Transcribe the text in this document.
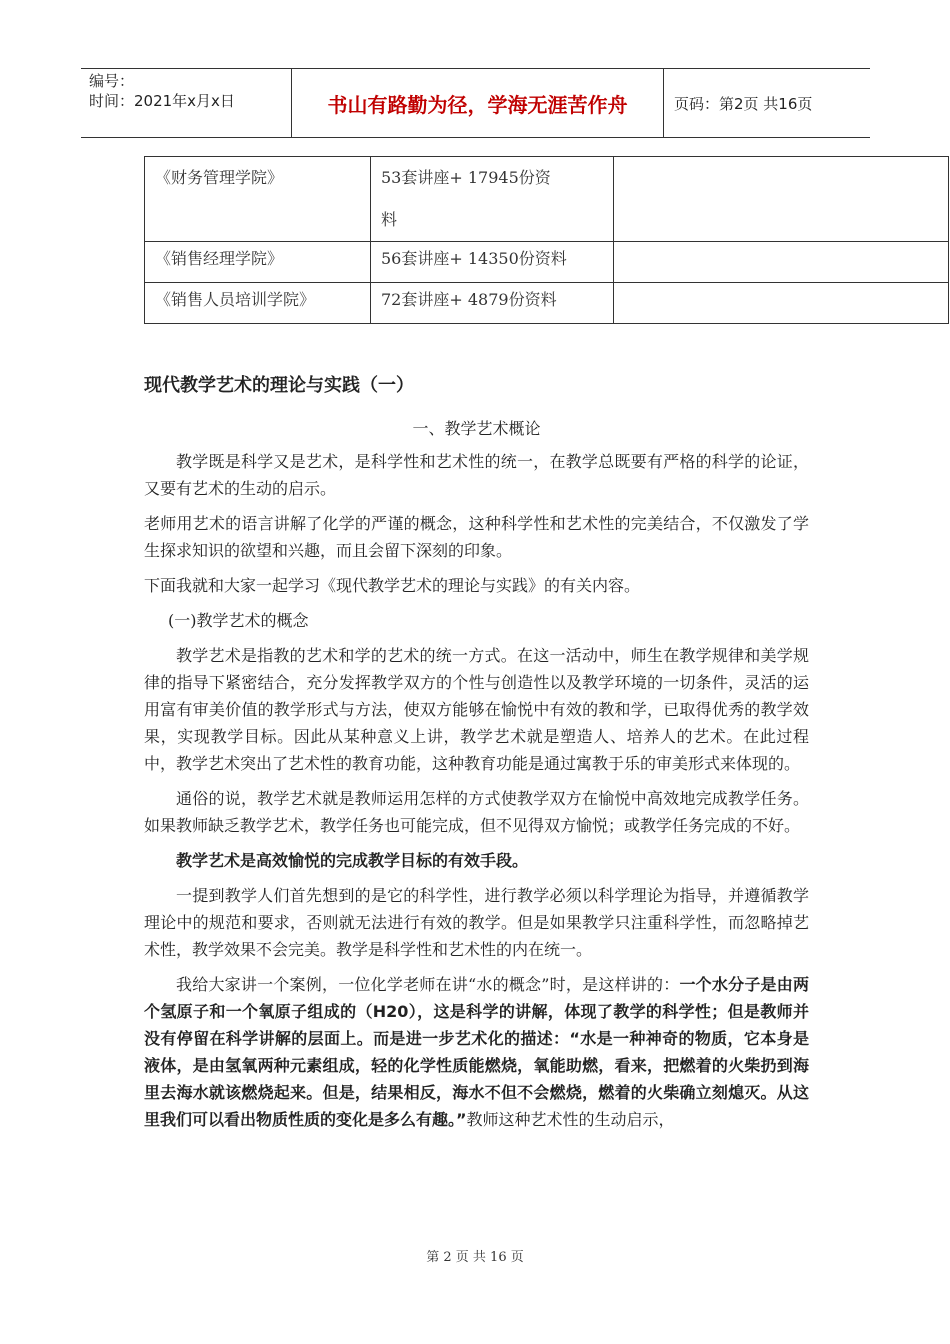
编号：
时间：2021年x月x日	书山有路勤为径，学海无涯苦作舟	页码：第2页 共16页
《财务管理学院》	53套讲座+ 17945份资
料	

《销售经理学院》	56套讲座+ 14350份资料	
《销售人员培训学院》	72套讲座+ 4879份资料	
现代教学艺术的理论与实践（一）
一、教学艺术概论

教学既是科学又是艺术，是科学性和艺术性的统一，在教学总既要有严格的科学的论证，又要有艺术的生动的启示。

老师用艺术的语言讲解了化学的严谨的概念，这种科学性和艺术性的完美结合，不仅激发了学生探求知识的欲望和兴趣，而且会留下深刻的印象。

下面我就和大家一起学习《现代教学艺术的理论与实践》的有关内容。

(一)教学艺术的概念

教学艺术是指教的艺术和学的艺术的统一方式。在这一活动中，师生在教学规律和美学规律的指导下紧密结合，充分发挥教学双方的个性与创造性以及教学环境的一切条件，灵活的运用富有审美价值的教学形式与方法，使双方能够在愉悦中有效的教和学，已取得优秀的教学效果，实现教学目标。因此从某种意义上讲，教学艺术就是塑造人、培养人的艺术。在此过程中，教学艺术突出了艺术性的教育功能，这种教育功能是通过寓教于乐的审美形式来体现的。

通俗的说，教学艺术就是教师运用怎样的方式使教学双方在愉悦中高效地完成教学任务。如果教师缺乏教学艺术，教学任务也可能完成，但不见得双方愉悦；或教学任务完成的不好。

教学艺术是高效愉悦的完成教学目标的有效手段。

一提到教学人们首先想到的是它的科学性，进行教学必须以科学理论为指导，并遵循教学理论中的规范和要求，否则就无法进行有效的教学。但是如果教学只注重科学性，而忽略掉艺术性，教学效果不会完美。教学是科学性和艺术性的内在统一。

我给大家讲一个案例，一位化学老师在讲“水的概念”时，是这样讲的：一个水分子是由两个氢原子和一个氧原子组成的（H20），这是科学的讲解，体现了教学的科学性；但是教师并没有停留在科学讲解的层面上。而是进一步艺术化的描述：“水是一种神奇的物质，它本身是液体，是由氢氧两种元素组成，轻的化学性质能燃烧，氧能助燃，看来，把燃着的火柴扔到海里去海水就该燃烧起来。但是，结果相反，海水不但不会燃烧，燃着的火柴确立刻熄灭。从这里我们可以看出物质性质的变化是多么有趣。”教师这种艺术性的生动启示，

第 2 页 共 16 页
